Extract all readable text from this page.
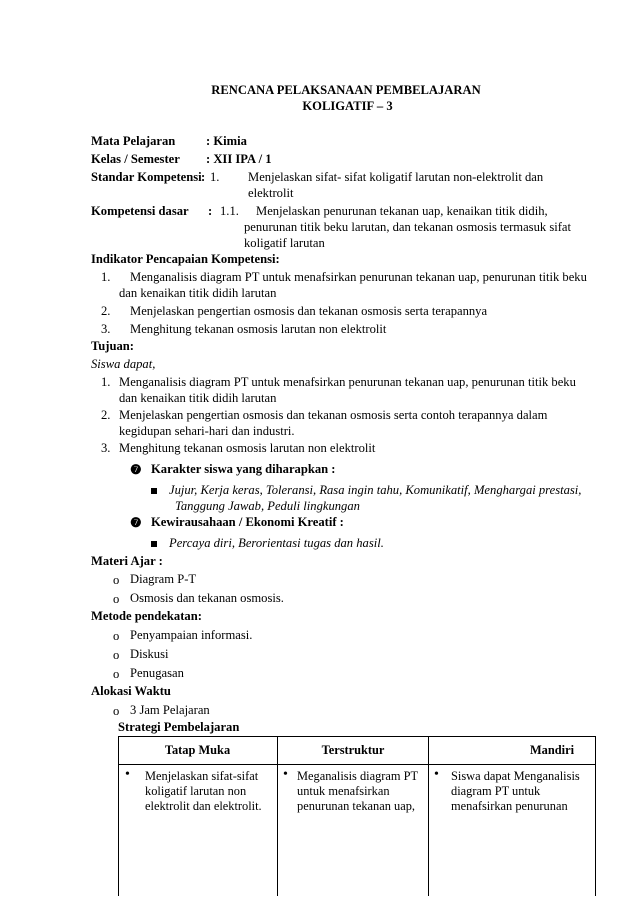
RENCANA PELAKSANAAN PEMBELAJARAN
KOLIGATIF – 3
Mata Pelajaran : Kimia
Kelas / Semester : XII IPA / 1
Standar Kompetensi : 1. Menjelaskan sifat- sifat koligatif larutan non-elektrolit dan
elektrolit
Kompetensi dasar : 1.1. Menjelaskan penurunan tekanan uap, kenaikan titik didih,
penurunan titik beku larutan, dan tekanan osmosis termasuk sifat
koligatif larutan
Indikator Pencapaian Kompetensi:
1. Menganalisis diagram PT untuk menafsirkan penurunan tekanan uap, penurunan titik beku
dan kenaikan titik didih larutan
2. Menjelaskan pengertian osmosis dan tekanan osmosis serta terapannya
3. Menghitung tekanan osmosis larutan non elektrolit
Tujuan:
Siswa dapat,
1. Menganalisis diagram PT untuk menafsirkan penurunan tekanan uap, penurunan titik beku
dan kenaikan titik didih larutan
2. Menjelaskan pengertian osmosis dan tekanan osmosis serta contoh terapannya dalam
kegidupan sehari-hari dan industri.
3. Menghitung tekanan osmosis larutan non elektrolit
❼ Karakter siswa yang diharapkan :
Jujur, Kerja keras, Toleransi, Rasa ingin tahu, Komunikatif, Menghargai prestasi,
Tanggung Jawab, Peduli lingkungan
❼ Kewirausahaan / Ekonomi Kreatif :
Percaya diri, Berorientasi tugas dan hasil.
Materi Ajar :
o Diagram P-T
o Osmosis dan tekanan osmosis.
Metode pendekatan:
o Penyampaian informasi.
o Diskusi
o Penugasan
Alokasi Waktu
o 3 Jam Pelajaran
Strategi Pembelajaran
Tatap Muka	Terstruktur	Mandiri
• Menjelaskan sifat-sifat
koligatif larutan non
elektrolit dan elektrolit.
• Meganalisis diagram PT
untuk menafsirkan
penurunan tekanan uap,
• Siswa dapat Menganalisis
diagram PT untuk
menafsirkan penurunan
